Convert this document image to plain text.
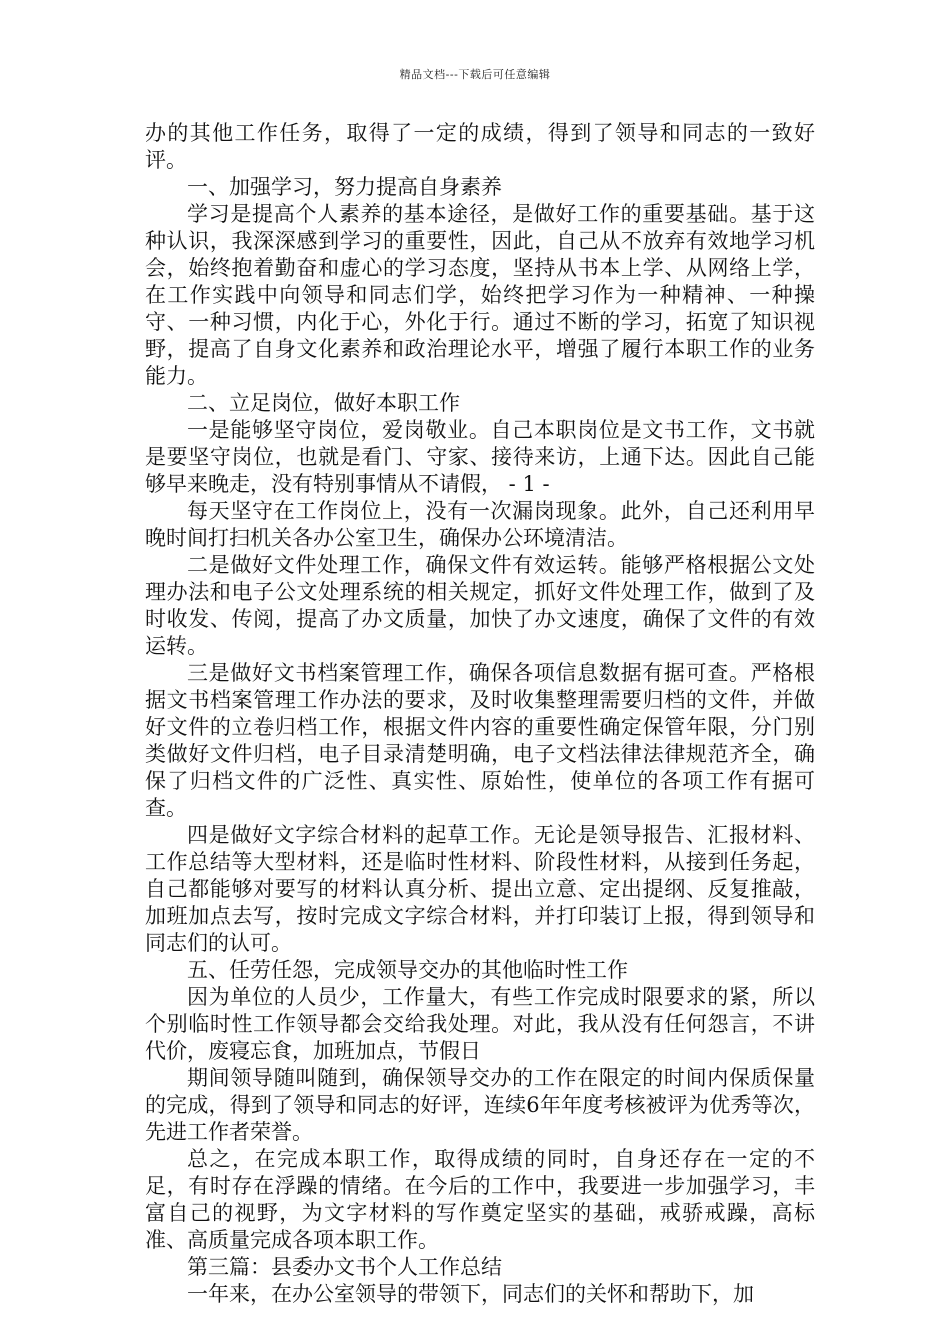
精品文档---下载后可任意编辑

办的其他工作任务，取得了一定的成绩，得到了领导和同志的一致好评。

一、加强学习，努力提高自身素养

学习是提高个人素养的基本途径，是做好工作的重要基础。基于这种认识，我深深感到学习的重要性，因此，自己从不放弃有效地学习机会，始终抱着勤奋和虚心的学习态度，坚持从书本上学、从网络上学，在工作实践中向领导和同志们学，始终把学习作为一种精神、一种操守、一种习惯，内化于心，外化于行。通过不断的学习，拓宽了知识视野，提高了自身文化素养和政治理论水平，增强了履行本职工作的业务能力。

二、立足岗位，做好本职工作

一是能够坚守岗位，爱岗敬业。自己本职岗位是文书工作，文书就是要坚守岗位，也就是看门、守家、接待来访，上通下达。因此自己能够早来晚走，没有特别事情从不请假， - 1 -

每天坚守在工作岗位上，没有一次漏岗现象。此外，自己还利用早晚时间打扫机关各办公室卫生，确保办公环境清洁。

二是做好文件处理工作，确保文件有效运转。能够严格根据公文处理办法和电子公文处理系统的相关规定，抓好文件处理工作，做到了及时收发、传阅，提高了办文质量，加快了办文速度，确保了文件的有效运转。

三是做好文书档案管理工作，确保各项信息数据有据可查。严格根据文书档案管理工作办法的要求，及时收集整理需要归档的文件，并做好文件的立卷归档工作，根据文件内容的重要性确定保管年限，分门别类做好文件归档，电子目录清楚明确，电子文档法律法律规范齐全，确保了归档文件的广泛性、真实性、原始性，使单位的各项工作有据可查。

四是做好文字综合材料的起草工作。无论是领导报告、汇报材料、工作总结等大型材料，还是临时性材料、阶段性材料，从接到任务起，自己都能够对要写的材料认真分析、提出立意、定出提纲、反复推敲，加班加点去写，按时完成文字综合材料，并打印装订上报，得到领导和同志们的认可。

五、任劳任怨，完成领导交办的其他临时性工作

因为单位的人员少，工作量大，有些工作完成时限要求的紧，所以个别临时性工作领导都会交给我处理。对此，我从没有任何怨言，不讲代价，废寝忘食，加班加点，节假日

期间领导随叫随到，确保领导交办的工作在限定的时间内保质保量的完成，得到了领导和同志的好评，连续6年年度考核被评为优秀等次，先进工作者荣誉。

总之，在完成本职工作，取得成绩的同时，自身还存在一定的不足，有时存在浮躁的情绪。在今后的工作中，我要进一步加强学习，丰富自己的视野，为文字材料的写作奠定坚实的基础，戒骄戒躁，高标准、高质量完成各项本职工作。

第三篇：县委办文书个人工作总结

一年来，在办公室领导的带领下，同志们的关怀和帮助下，加
